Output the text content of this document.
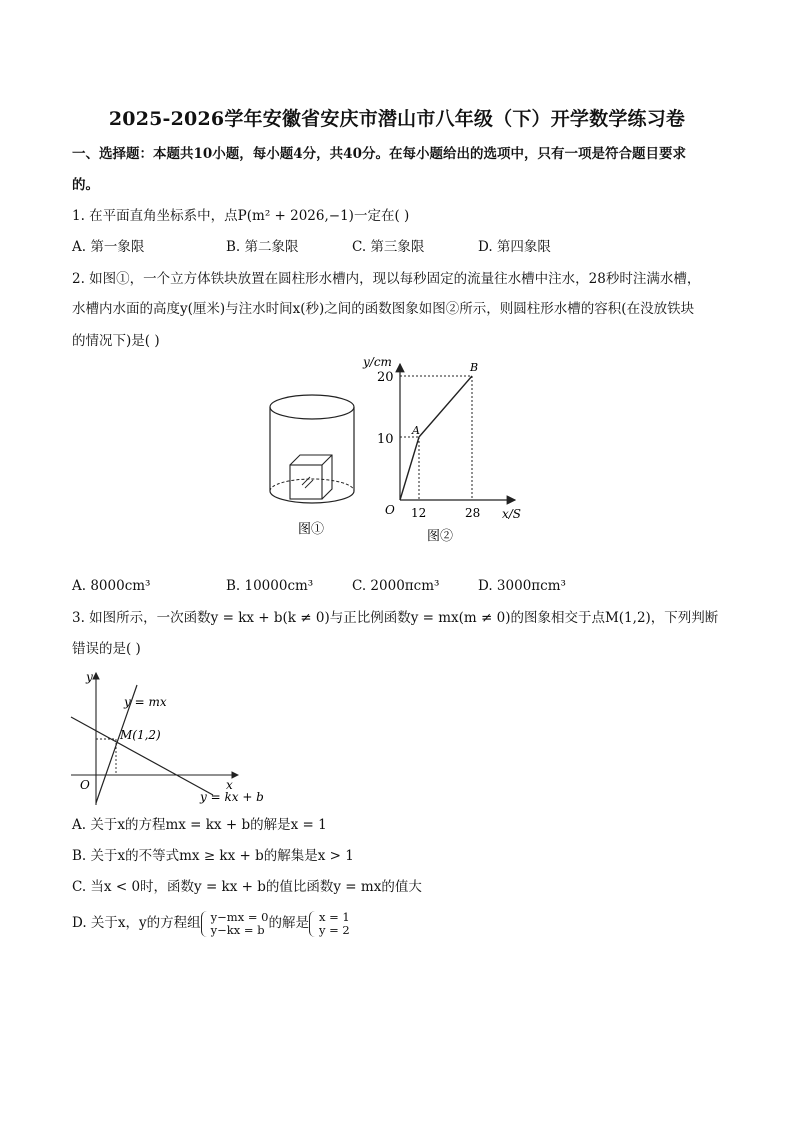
2025-2026学年安徽省安庆市潜山市八年级（下）开学数学练习卷
一、选择题：本题共10小题，每小题4分，共40分。在每小题给出的选项中，只有一项是符合题目要求
的。
1. 在平面直角坐标系中，点P(m² + 2026,−1)一定在( )
A. 第一象限	B. 第二象限	C. 第三象限	D. 第四象限
2. 如图①，一个立方体铁块放置在圆柱形水槽内，现以每秒固定的流量往水槽中注水，28秒时注满水槽，
水槽内水面的高度y(厘米)与注水时间x(秒)之间的函数图象如图②所示，则圆柱形水槽的容积(在没放铁块
的情况下)是( )
图①
y/cm
x/S
O
20
10
12	28
A
B
图②
A. 8000cm³	B. 10000cm³	C. 2000πcm³	D. 3000πcm³
3. 如图所示，一次函数y = kx + b(k ≠ 0)与正比例函数y = mx(m ≠ 0)的图象相交于点M(1,2)，下列判断
错误的是( )
y
x
O
y = mx
M(1,2)
y = kx + b
A. 关于x的方程mx = kx + b的解是x = 1
B. 关于x的不等式mx ≥ kx + b的解集是x > 1
C. 当x < 0时，函数y = kx + b的值比函数y = mx的值大
D. 关于x，y的方程组 y−mx = 0
y−kx = b 的解是 x = 1
y = 2
